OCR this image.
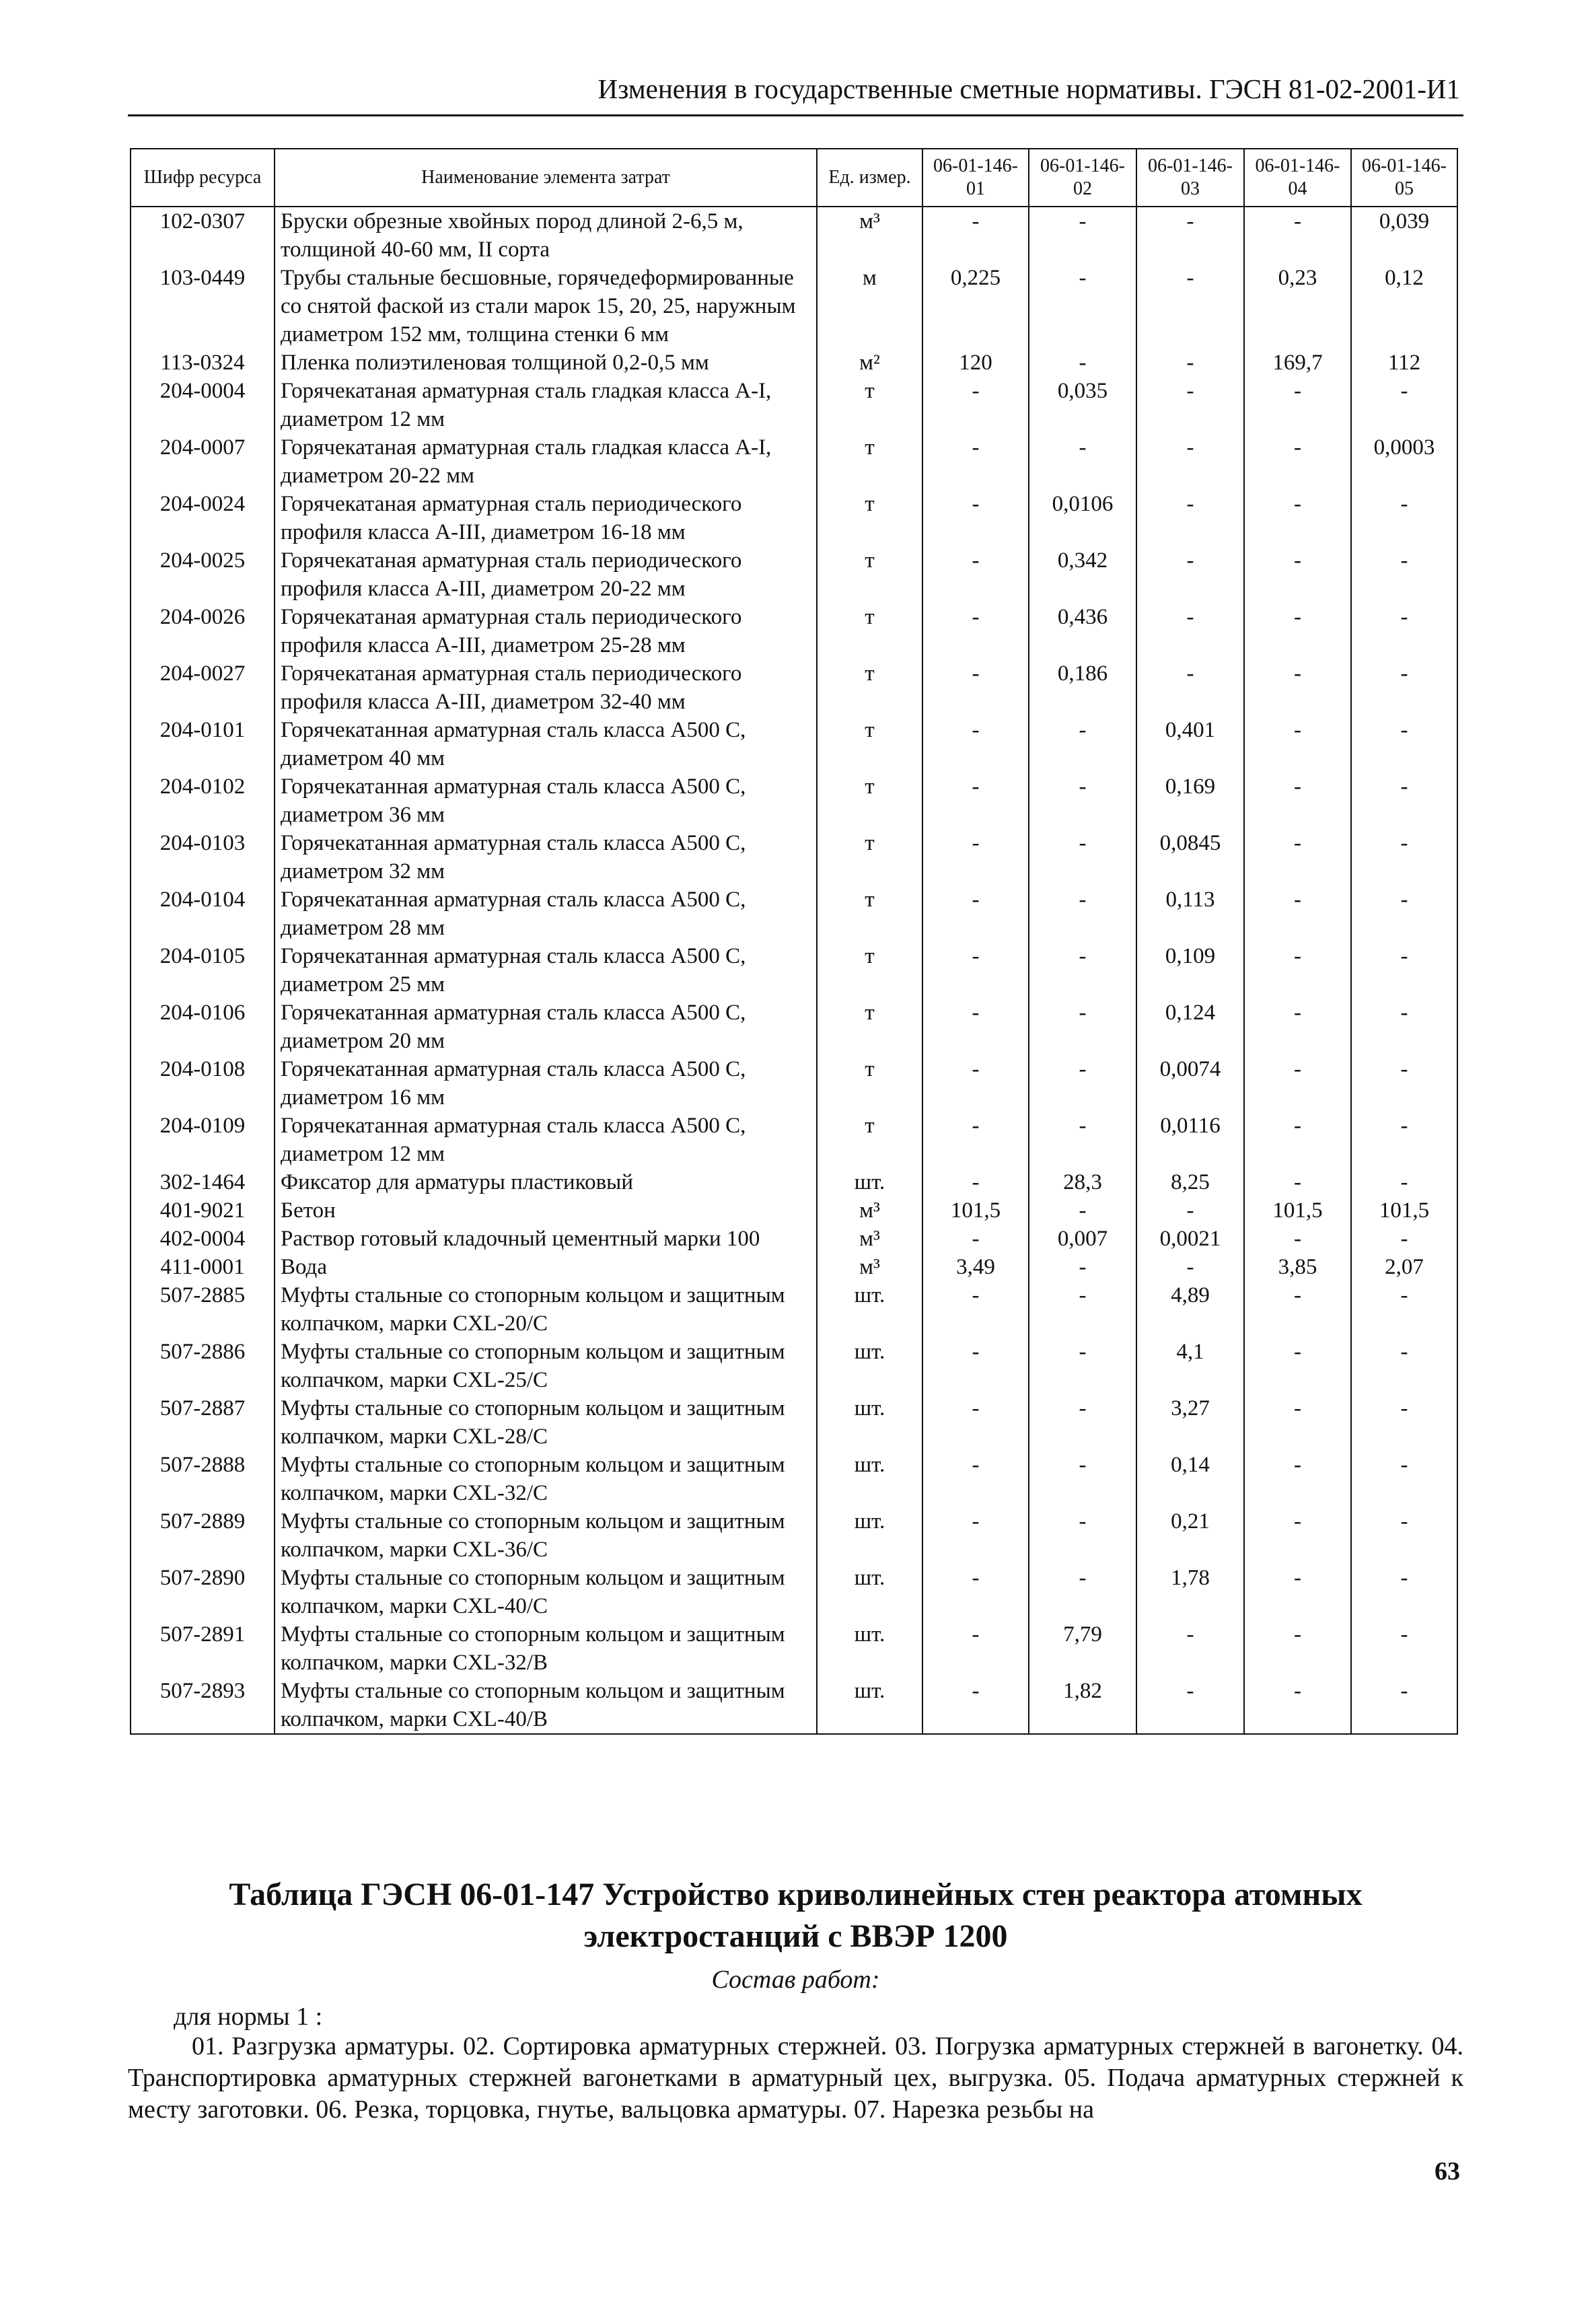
Изменения в государственные сметные нормативы. ГЭСН 81-02-2001-И1
Шифр ресурса	Наименование элемента затрат	Ед. измер.	06-01-146-01	06-01-146-02	06-01-146-03	06-01-146-04	06-01-146-05
102-0307	Бруски обрезные хвойных пород длиной 2-6,5 м, толщиной 40-60 мм, II сорта	м³	-	-	-	-	0,039
103-0449	Трубы стальные бесшовные, горячедеформированные со снятой фаской из стали марок 15, 20, 25, наружным диаметром 152 мм, толщина стенки 6 мм	м	0,225	-	-	0,23	0,12
113-0324	Пленка полиэтиленовая толщиной 0,2-0,5 мм	м²	120	-	-	169,7	112
204-0004	Горячекатаная арматурная сталь гладкая класса А-I, диаметром 12 мм	т	-	0,035	-	-	-
204-0007	Горячекатаная арматурная сталь гладкая класса А-I, диаметром 20-22 мм	т	-	-	-	-	0,0003
204-0024	Горячекатаная арматурная сталь периодического профиля класса А-III, диаметром 16-18 мм	т	-	0,0106	-	-	-
204-0025	Горячекатаная арматурная сталь периодического профиля класса А-III, диаметром 20-22 мм	т	-	0,342	-	-	-
204-0026	Горячекатаная арматурная сталь периодического профиля класса А-III, диаметром 25-28 мм	т	-	0,436	-	-	-
204-0027	Горячекатаная арматурная сталь периодического профиля класса А-III, диаметром 32-40 мм	т	-	0,186	-	-	-
204-0101	Горячекатанная арматурная сталь класса А500 С, диаметром 40 мм	т	-	-	0,401	-	-
204-0102	Горячекатанная арматурная сталь класса А500 С, диаметром 36 мм	т	-	-	0,169	-	-
204-0103	Горячекатанная арматурная сталь класса А500 С, диаметром 32 мм	т	-	-	0,0845	-	-
204-0104	Горячекатанная арматурная сталь класса А500 С, диаметром 28 мм	т	-	-	0,113	-	-
204-0105	Горячекатанная арматурная сталь класса А500 С, диаметром 25 мм	т	-	-	0,109	-	-
204-0106	Горячекатанная арматурная сталь класса А500 С, диаметром 20 мм	т	-	-	0,124	-	-
204-0108	Горячекатанная арматурная сталь класса А500 С, диаметром 16 мм	т	-	-	0,0074	-	-
204-0109	Горячекатанная арматурная сталь класса А500 С, диаметром 12 мм	т	-	-	0,0116	-	-
302-1464	Фиксатор для арматуры пластиковый	шт.	-	28,3	8,25	-	-
401-9021	Бетон	м³	101,5	-	-	101,5	101,5
402-0004	Раствор готовый кладочный цементный марки 100	м³	-	0,007	0,0021	-	-
411-0001	Вода	м³	3,49	-	-	3,85	2,07
507-2885	Муфты стальные со стопорным кольцом и защитным колпачком, марки CXL-20/C	шт.	-	-	4,89	-	-
507-2886	Муфты стальные со стопорным кольцом и защитным колпачком, марки CXL-25/C	шт.	-	-	4,1	-	-
507-2887	Муфты стальные со стопорным кольцом и защитным колпачком, марки CXL-28/C	шт.	-	-	3,27	-	-
507-2888	Муфты стальные со стопорным кольцом и защитным колпачком, марки CXL-32/C	шт.	-	-	0,14	-	-
507-2889	Муфты стальные со стопорным кольцом и защитным колпачком, марки CXL-36/C	шт.	-	-	0,21	-	-
507-2890	Муфты стальные со стопорным кольцом и защитным колпачком, марки CXL-40/C	шт.	-	-	1,78	-	-
507-2891	Муфты стальные со стопорным кольцом и защитным колпачком, марки CXL-32/B	шт.	-	7,79	-	-	-
507-2893	Муфты стальные со стопорным кольцом и защитным колпачком, марки CXL-40/B	шт.	-	1,82	-	-	-
Таблица ГЭСН 06-01-147 Устройство криволинейных стен реактора атомных электростанций с ВВЭР 1200
Состав работ:
для нормы 1 :
01. Разгрузка арматуры. 02. Сортировка арматурных стержней. 03. Погрузка арматурных стержней в вагонетку. 04. Транспортировка арматурных стержней вагонетками в арматурный цех, выгрузка. 05. Подача арматурных стержней к месту заготовки. 06. Резка, торцовка, гнутье, вальцовка арматуры. 07. Нарезка резьбы на
63
